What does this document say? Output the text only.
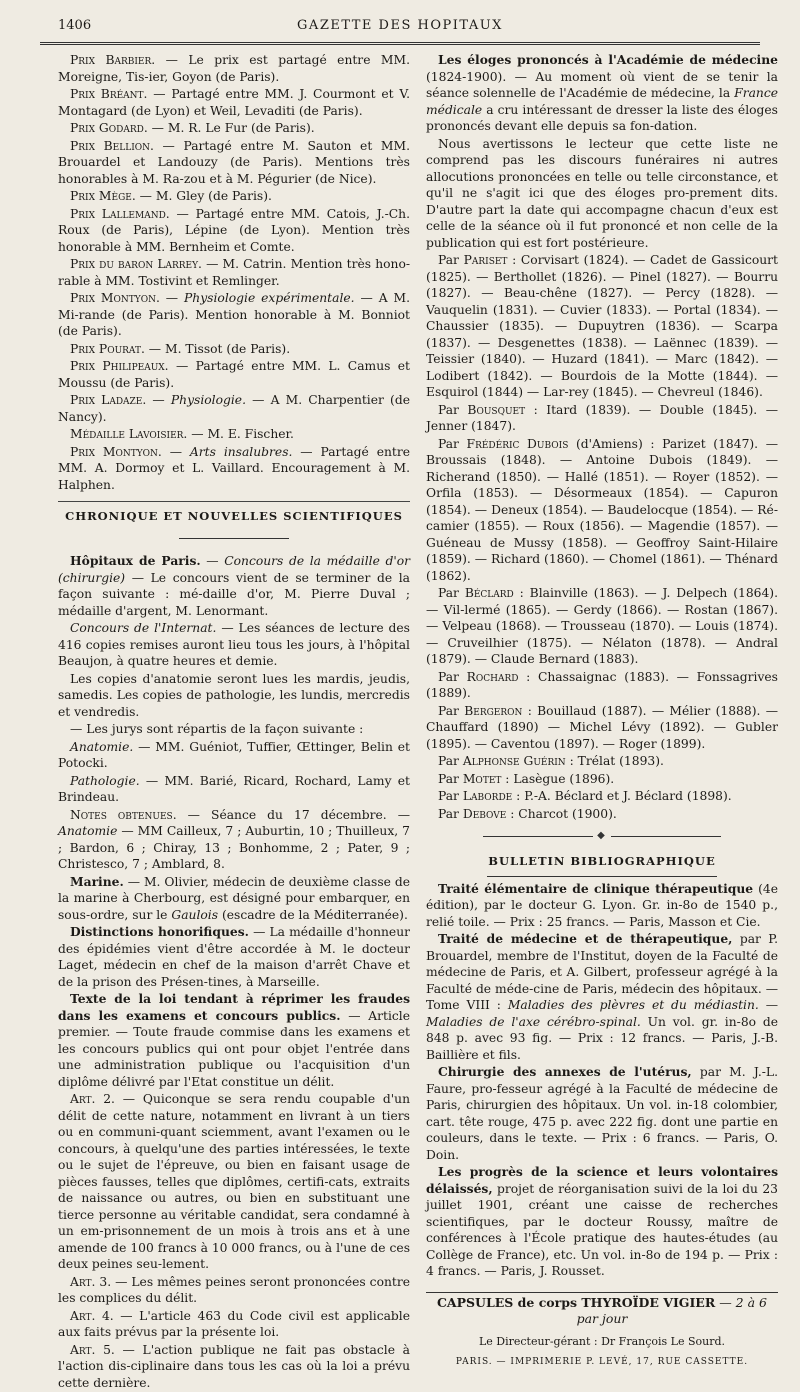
1406	GAZETTE DES HOPITAUX

Prix Barbier. — Le prix est partagé entre MM. Moreigne, Tis-ier, Goyon (de Paris).

Prix Bréant. — Partagé entre MM. J. Courmont et V. Montagard (de Lyon) et Weil, Levaditi (de Paris).

Prix Godard. — M. R. Le Fur (de Paris).

Prix Bellion. — Partagé entre M. Sauton et MM. Brouardel et Landouzy (de Paris). Mentions très honorables à M. Ra-zou et à M. Pégurier (de Nice).

Prix Mège. — M. Gley (de Paris).

Prix Lallemand. — Partagé entre MM. Catois, J.-Ch. Roux (de Paris), Lépine (de Lyon). Mention très honorable à MM. Bernheim et Comte.

Prix du baron Larrey. — M. Catrin. Mention très hono-rable à MM. Tostivint et Remlinger.

Prix Montyon. — Physiologie expérimentale. — A M. Mi-rande (de Paris). Mention honorable à M. Bonniot (de Paris).

Prix Pourat. — M. Tissot (de Paris).

Prix Philipeaux. — Partagé entre MM. L. Camus et Moussu (de Paris).

Prix Ladaze. — Physiologie. — A M. Charpentier (de Nancy).

Médaille Lavoisier. — M. E. Fischer.

Prix Montyon. — Arts insalubres. — Partagé entre MM. A. Dormoy et L. Vaillard. Encouragement à M. Halphen.

CHRONIQUE ET NOUVELLES SCIENTIFIQUES

Hôpitaux de Paris. — Concours de la médaille d'or (chirurgie) — Le concours vient de se terminer de la façon suivante : mé-daille d'or, M. Pierre Duval ; médaille d'argent, M. Lenormant.

Concours de l'Internat. — Les séances de lecture des 416 copies remises auront lieu tous les jours, à l'hôpital Beaujon, à quatre heures et demie.

Les copies d'anatomie seront lues les mardis, jeudis, samedis. Les copies de pathologie, les lundis, mercredis et vendredis.

— Les jurys sont répartis de la façon suivante :

Anatomie. — MM. Guéniot, Tuffier, Œttinger, Belin et Potocki.

Pathologie. — MM. Barié, Ricard, Rochard, Lamy et Brindeau.

Notes obtenues. — Séance du 17 décembre. — Anatomie — MM Cailleux, 7 ; Auburtin, 10 ; Thuilleux, 7 ; Bardon, 6 ; Chiray, 13 ; Bonhomme, 2 ; Pater, 9 ; Christesco, 7 ; Amblard, 8.

Marine. — M. Olivier, médecin de deuxième classe de la marine à Cherbourg, est désigné pour embarquer, en sous-ordre, sur le Gaulois (escadre de la Méditerranée).

Distinctions honorifiques. — La médaille d'honneur des épidémies vient d'être accordée à M. le docteur Laget, médecin en chef de la maison d'arrêt Chave et de la prison des Présen-tines, à Marseille.

Texte de la loi tendant à réprimer les fraudes dans les examens et concours publics. — Article premier. — Toute fraude commise dans les examens et les concours publics qui ont pour objet l'entrée dans une administration publique ou l'acquisition d'un diplôme délivré par l'Etat constitue un délit.

Art. 2. — Quiconque se sera rendu coupable d'un délit de cette nature, notamment en livrant à un tiers ou en communi-quant sciemment, avant l'examen ou le concours, à quelqu'une des parties intéressées, le texte ou le sujet de l'épreuve, ou bien en faisant usage de pièces fausses, telles que diplômes, certifi-cats, extraits de naissance ou autres, ou bien en substituant une tierce personne au véritable candidat, sera condamné à un em-prisonnement de un mois à trois ans et à une amende de 100 francs à 10 000 francs, ou à l'une de ces deux peines seu-lement.

Art. 3. — Les mêmes peines seront prononcées contre les complices du délit.

Art. 4. — L'article 463 du Code civil est applicable aux faits prévus par la présente loi.

Art. 5. — L'action publique ne fait pas obstacle à l'action dis-ciplinaire dans tous les cas où la loi a prévu cette dernière.

Les éloges prononcés à l'Académie de médecine (1824-1900). — Au moment où vient de se tenir la séance solennelle de l'Académie de médecine, la France médicale a cru intéressant de dresser la liste des éloges prononcés devant elle depuis sa fon-dation.

Nous avertissons le lecteur que cette liste ne comprend pas les discours funéraires ni autres allocutions prononcées en telle ou telle circonstance, et qu'il ne s'agit ici que des éloges pro-prement dits. D'autre part la date qui accompagne chacun d'eux est celle de la séance où il fut prononcé et non celle de la publication qui est fort postérieure.

Par Pariset : Corvisart (1824). — Cadet de Gassicourt (1825). — Berthollet (1826). — Pinel (1827). — Bourru (1827). — Beau-chêne (1827). — Percy (1828). — Vauquelin (1831). — Cuvier (1833). — Portal (1834). — Chaussier (1835). — Dupuytren (1836). — Scarpa (1837). — Desgenettes (1838). — Laënnec (1839). — Teissier (1840). — Huzard (1841). — Marc (1842). — Lodibert (1842). — Bourdois de la Motte (1844). — Esquirol (1844) — Lar-rey (1845). — Chevreul (1846).

Par Bousquet : Itard (1839). — Double (1845). — Jenner (1847).

Par Frédéric Dubois (d'Amiens) : Parizet (1847). — Broussais (1848). — Antoine Dubois (1849). — Richerand (1850). — Hallé (1851). — Royer (1852). — Orfila (1853). — Désormeaux (1854). — Capuron (1854). — Deneux (1854). — Baudelocque (1854). — Ré-camier (1855). — Roux (1856). — Magendie (1857). — Guéneau de Mussy (1858). — Geoffroy Saint-Hilaire (1859). — Richard (1860). — Chomel (1861). — Thénard (1862).

Par Béclard : Blainville (1863). — J. Delpech (1864). — Vil-lermé (1865). — Gerdy (1866). — Rostan (1867). — Velpeau (1868). — Trousseau (1870). — Louis (1874). — Cruveilhier (1875). — Nélaton (1878). — Andral (1879). — Claude Bernard (1883).

Par Rochard : Chassaignac (1883). — Fonssagrives (1889).

Par Bergeron : Bouillaud (1887). — Mélier (1888). — Chauffard (1890) — Michel Lévy (1892). — Gubler (1895). — Caventou (1897). — Roger (1899).

Par Alphonse Guérin : Trélat (1893).

Par Motet : Lasègue (1896).

Par Laborde : P.-A. Béclard et J. Béclard (1898).

Par Debove : Charcot (1900).

◆
BULLETIN BIBLIOGRAPHIQUE

Traité élémentaire de clinique thérapeutique (4e édition), par le docteur G. Lyon. Gr. in-8o de 1540 p., relié toile. — Prix : 25 francs. — Paris, Masson et Cie.

Traité de médecine et de thérapeutique, par P. Brouardel, membre de l'Institut, doyen de la Faculté de médecine de Paris, et A. Gilbert, professeur agrégé à la Faculté de méde-cine de Paris, médecin des hôpitaux. — Tome VIII : Maladies des plèvres et du médiastin. — Maladies de l'axe cérébro-spinal. Un vol. gr. in-8o de 848 p. avec 93 fig. — Prix : 12 francs. — Paris, J.-B. Baillière et fils.

Chirurgie des annexes de l'utérus, par M. J.-L. Faure, pro-fesseur agrégé à la Faculté de médecine de Paris, chirurgien des hôpitaux. Un vol. in-18 colombier, cart. tête rouge, 475 p. avec 222 fig. dont une partie en couleurs, dans le texte. — Prix : 6 francs. — Paris, O. Doin.

Les progrès de la science et leurs volontaires délaissés, projet de réorganisation suivi de la loi du 23 juillet 1901, créant une caisse de recherches scientifiques, par le docteur Roussy, maître de conférences à l'École pratique des hautes-études (au Collège de France), etc. Un vol. in-8o de 194 p. — Prix : 4 francs. — Paris, J. Rousset.

CAPSULES de corps THYROÏDE VIGIER — 2 à 6 par jour
Le Directeur-gérant : Dr François Le Sourd.
PARIS. — IMPRIMERIE P. LEVÉ, 17, RUE CASSETTE.
